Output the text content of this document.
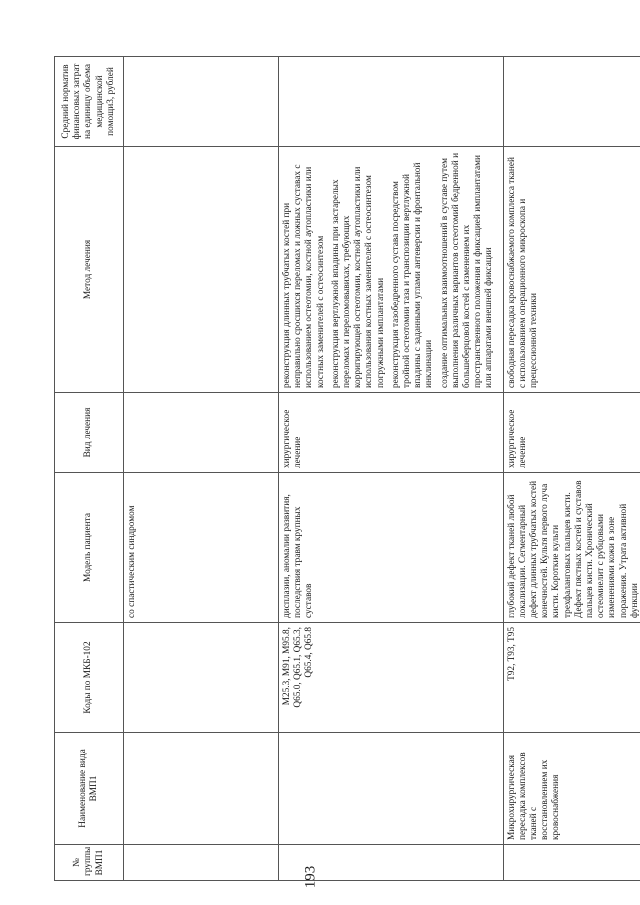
193
№ группы ВМП1	Наименование вида ВМП1	Коды по МКБ-102	Модель пациента	Вид лечения	Метод лечения	Средний норматив финансовых затрат на единицу объема медицинской помощи3, рублей
			со спастическим синдромом			
		M25.3, M91, M95.8, Q65.0, Q65.1, Q65.3, Q65.4, Q65.8	дисплазии, аномалии развития, последствия травм крупных суставов	хирургическое лечение	реконструкция длинных трубчатых костей при неправильно сросшихся переломах и ложных суставах с использованием остеотомии, костной аутопластики или костных заменителей с остеосинтезом реконструкция вертлужной впадины при застарелых переломах и переломовывихах, требующих корригирующей остеотомии, костной аутопластики или использования костных заменителей с остеосинтезом погружными имплантатами реконструкция тазобедренного сустава посредством тройной остеотомии таза и транспозиции вертлужной впадины с заданными углами антеверсии и фронтальной инклинации создание оптимальных взаимоотношений в суставе путем выполнения различных вариантов остеотомий бедренной и большеберцовой костей с изменением их пространственного положения и фиксацией имплантатами или аппаратами внешней фиксации	

	Микрохирургическая пересадка комплексов тканей с восстановлением их кровоснабжения	T92, T93, T95	глубокий дефект тканей любой локализации. Сегментарный дефект длинных трубчатых костей конечностей. Культя первого луча кисти. Короткие культи трехфаланговых пальцев кисти. Дефект пястных костей и суставов пальцев кисти. Хронический остеомиелит с рубцовыми изменениями кожи в зоне поражения. Утрата активной функции	хирургическое лечение	свободная пересадка кровоснабжаемого комплекса тканей с использованием операционного микроскопа и прецессионной техники	
